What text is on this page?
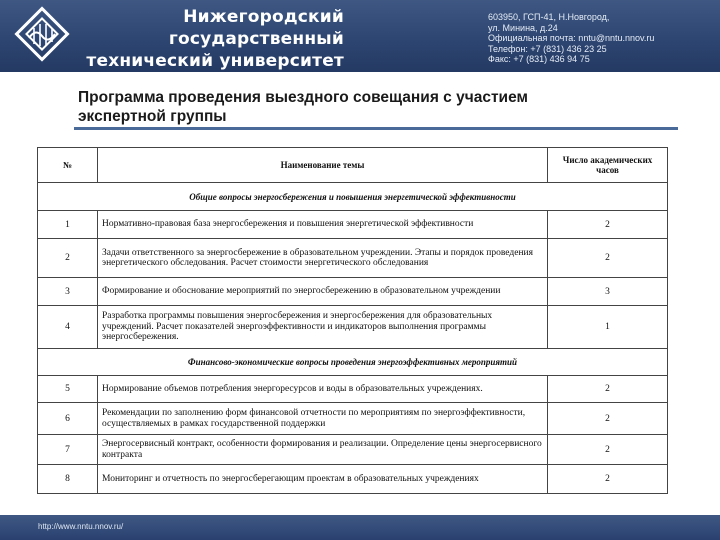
Нижегородский государственный
технический университет
им. Р.Е. Алексеева
603950, ГСП-41, Н.Новгород,
ул. Минина, д.24
Официальная почта: nntu@nntu.nnov.ru
Телефон: +7 (831) 436 23 25
Факс: +7 (831) 436 94 75
Программа проведения выездного совещания с участием
экспертной группы
№	Наименование темы	Число академических часов
Общие вопросы энергосбережения и повышения энергетической эффективности		
1	Нормативно-правовая база энергосбережения и повышения энергетической эффективности	2
2	Задачи ответственного за энергосбережение в образовательном учреждении. Этапы и порядок проведения энергетического обследования. Расчет стоимости энергетического обследования	2
3	Формирование и обоснование мероприятий по энергосбережению в образовательном учреждении	3
4	Разработка программы повышения энергосбережения и энергосбережения для образовательных учреждений. Расчет показателей энергоэффективности и индикаторов выполнения программы энергосбережения.	1
Финансово-экономические вопросы проведения энергоэффективных мероприятий		
5	Нормирование объемов потребления энергоресурсов и воды в образовательных учреждениях.	2
6	Рекомендации по заполнению форм финансовой отчетности по мероприятиям по энергоэффективности, осуществляемых в рамках государственной поддержки	2
7	Энергосервисный контракт, особенности формирования и реализации. Определение цены энергосервисного контракта	2
8	Мониторинг и отчетность по энергосберегающим проектам в образовательных учреждениях	2
http://www.nntu.nnov.ru/
